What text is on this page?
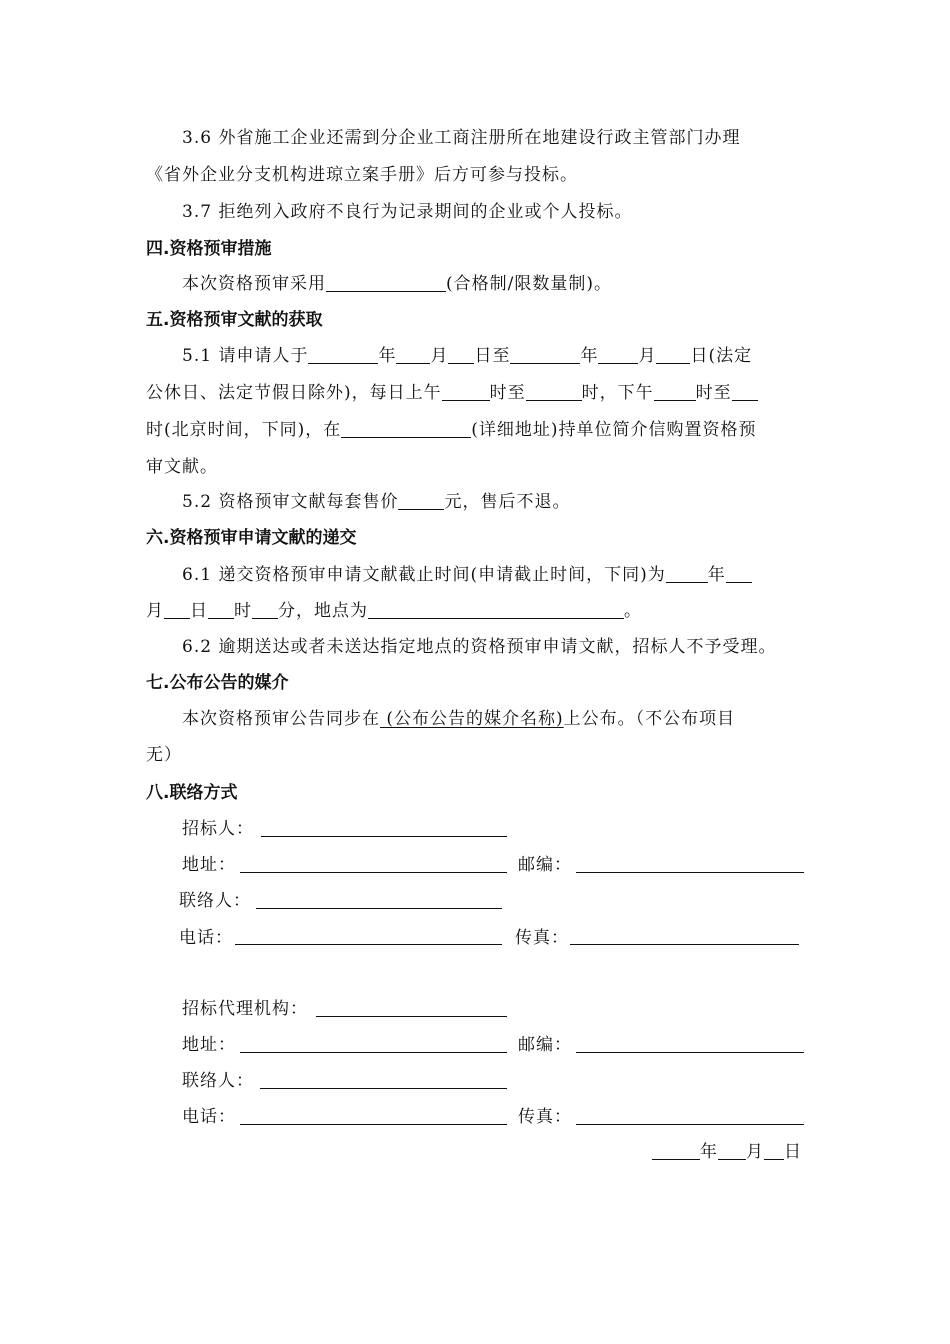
3.6 外省施工企业还需到分企业工商注册所在地建设行政主管部门办理
《省外企业分支机构进琼立案手册》后方可参与投标。
3.7 拒绝列入政府不良行为记录期间的企业或个人投标。
四.资格预审措施
本次资格预审采用	(合格制/限数量制)。
五.资格预审文献的获取
5.1 请申请人于	年 月 日至	年 月 日(法定
公休日、法定节假日除外)，每日上午	时至	时，下午 时至
时(北京时间，下同)，在	(详细地址)持单位简介信购置资格预
审文献。
5.2 资格预审文献每套售价	元，售后不退。
六.资格预审申请文献的递交
6.1 递交资格预审申请文献截止时间(申请截止时间，下同)为 年
月 日 时 分，地点为	。
6.2 逾期送达或者未送达指定地点的资格预审申请文献，招标人不予受理。
七.公布公告的媒介
本次资格预审公告同步在 (公布公告的媒介名称)上公布。（不公布项目
无）
八.联络方式
招标人：
地址：	邮编：
联络人：
电话：	传真：
招标代理机构：
地址：	邮编：
联络人：
电话：	传真：
年 月 日
